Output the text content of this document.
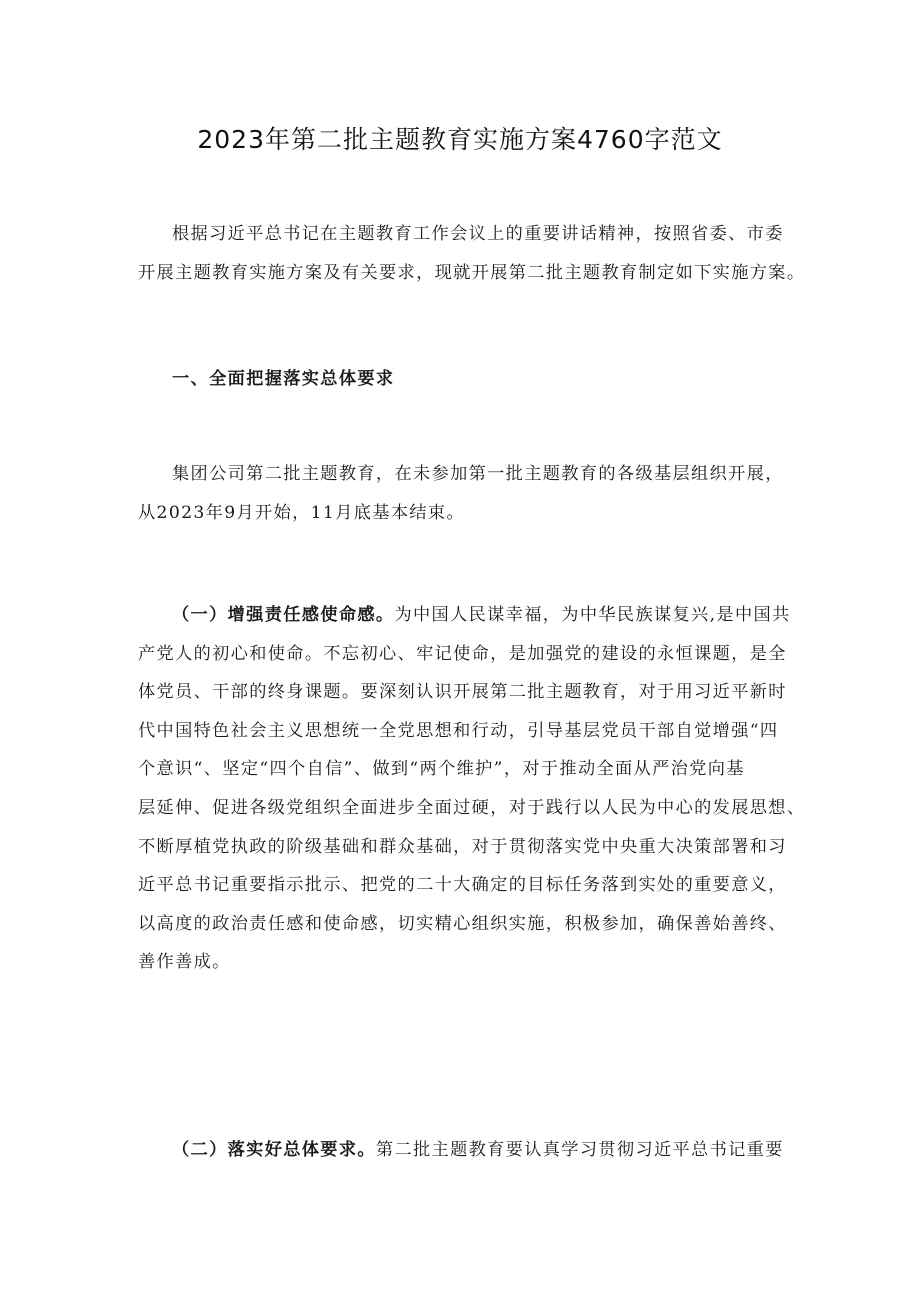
2023年第二批主题教育实施方案4760字范文

根据习近平总书记在主题教育工作会议上的重要讲话精神，按照省委、市委
开展主题教育实施方案及有关要求，现就开展第二批主题教育制定如下实施方案。

一、全面把握落实总体要求

集团公司第二批主题教育，在未参加第一批主题教育的各级基层组织开展，
从2023年9月开始，11月底基本结束。

（一）增强责任感使命感。为中国人民谋幸福，为中华民族谋复兴,是中国共
产党人的初心和使命。不忘初心、牢记使命，是加强党的建设的永恒课题，是全
体党员、干部的终身课题。要深刻认识开展第二批主题教育，对于用习近平新时
代中国特色社会主义思想统一全党思想和行动，引导基层党员干部自觉增强“四
个意识“、坚定“四个自信”、做到“两个维护”，对于推动全面从严治党向基
层延伸、促进各级党组织全面进步全面过硬，对于践行以人民为中心的发展思想、
不断厚植党执政的阶级基础和群众基础，对于贯彻落实党中央重大决策部署和习
近平总书记重要指示批示、把党的二十大确定的目标任务落到实处的重要意义，
以高度的政治责任感和使命感，切实精心组织实施，积极参加，确保善始善终、
善作善成。

（二）落实好总体要求。第二批主题教育要认真学习贯彻习近平总书记重要
